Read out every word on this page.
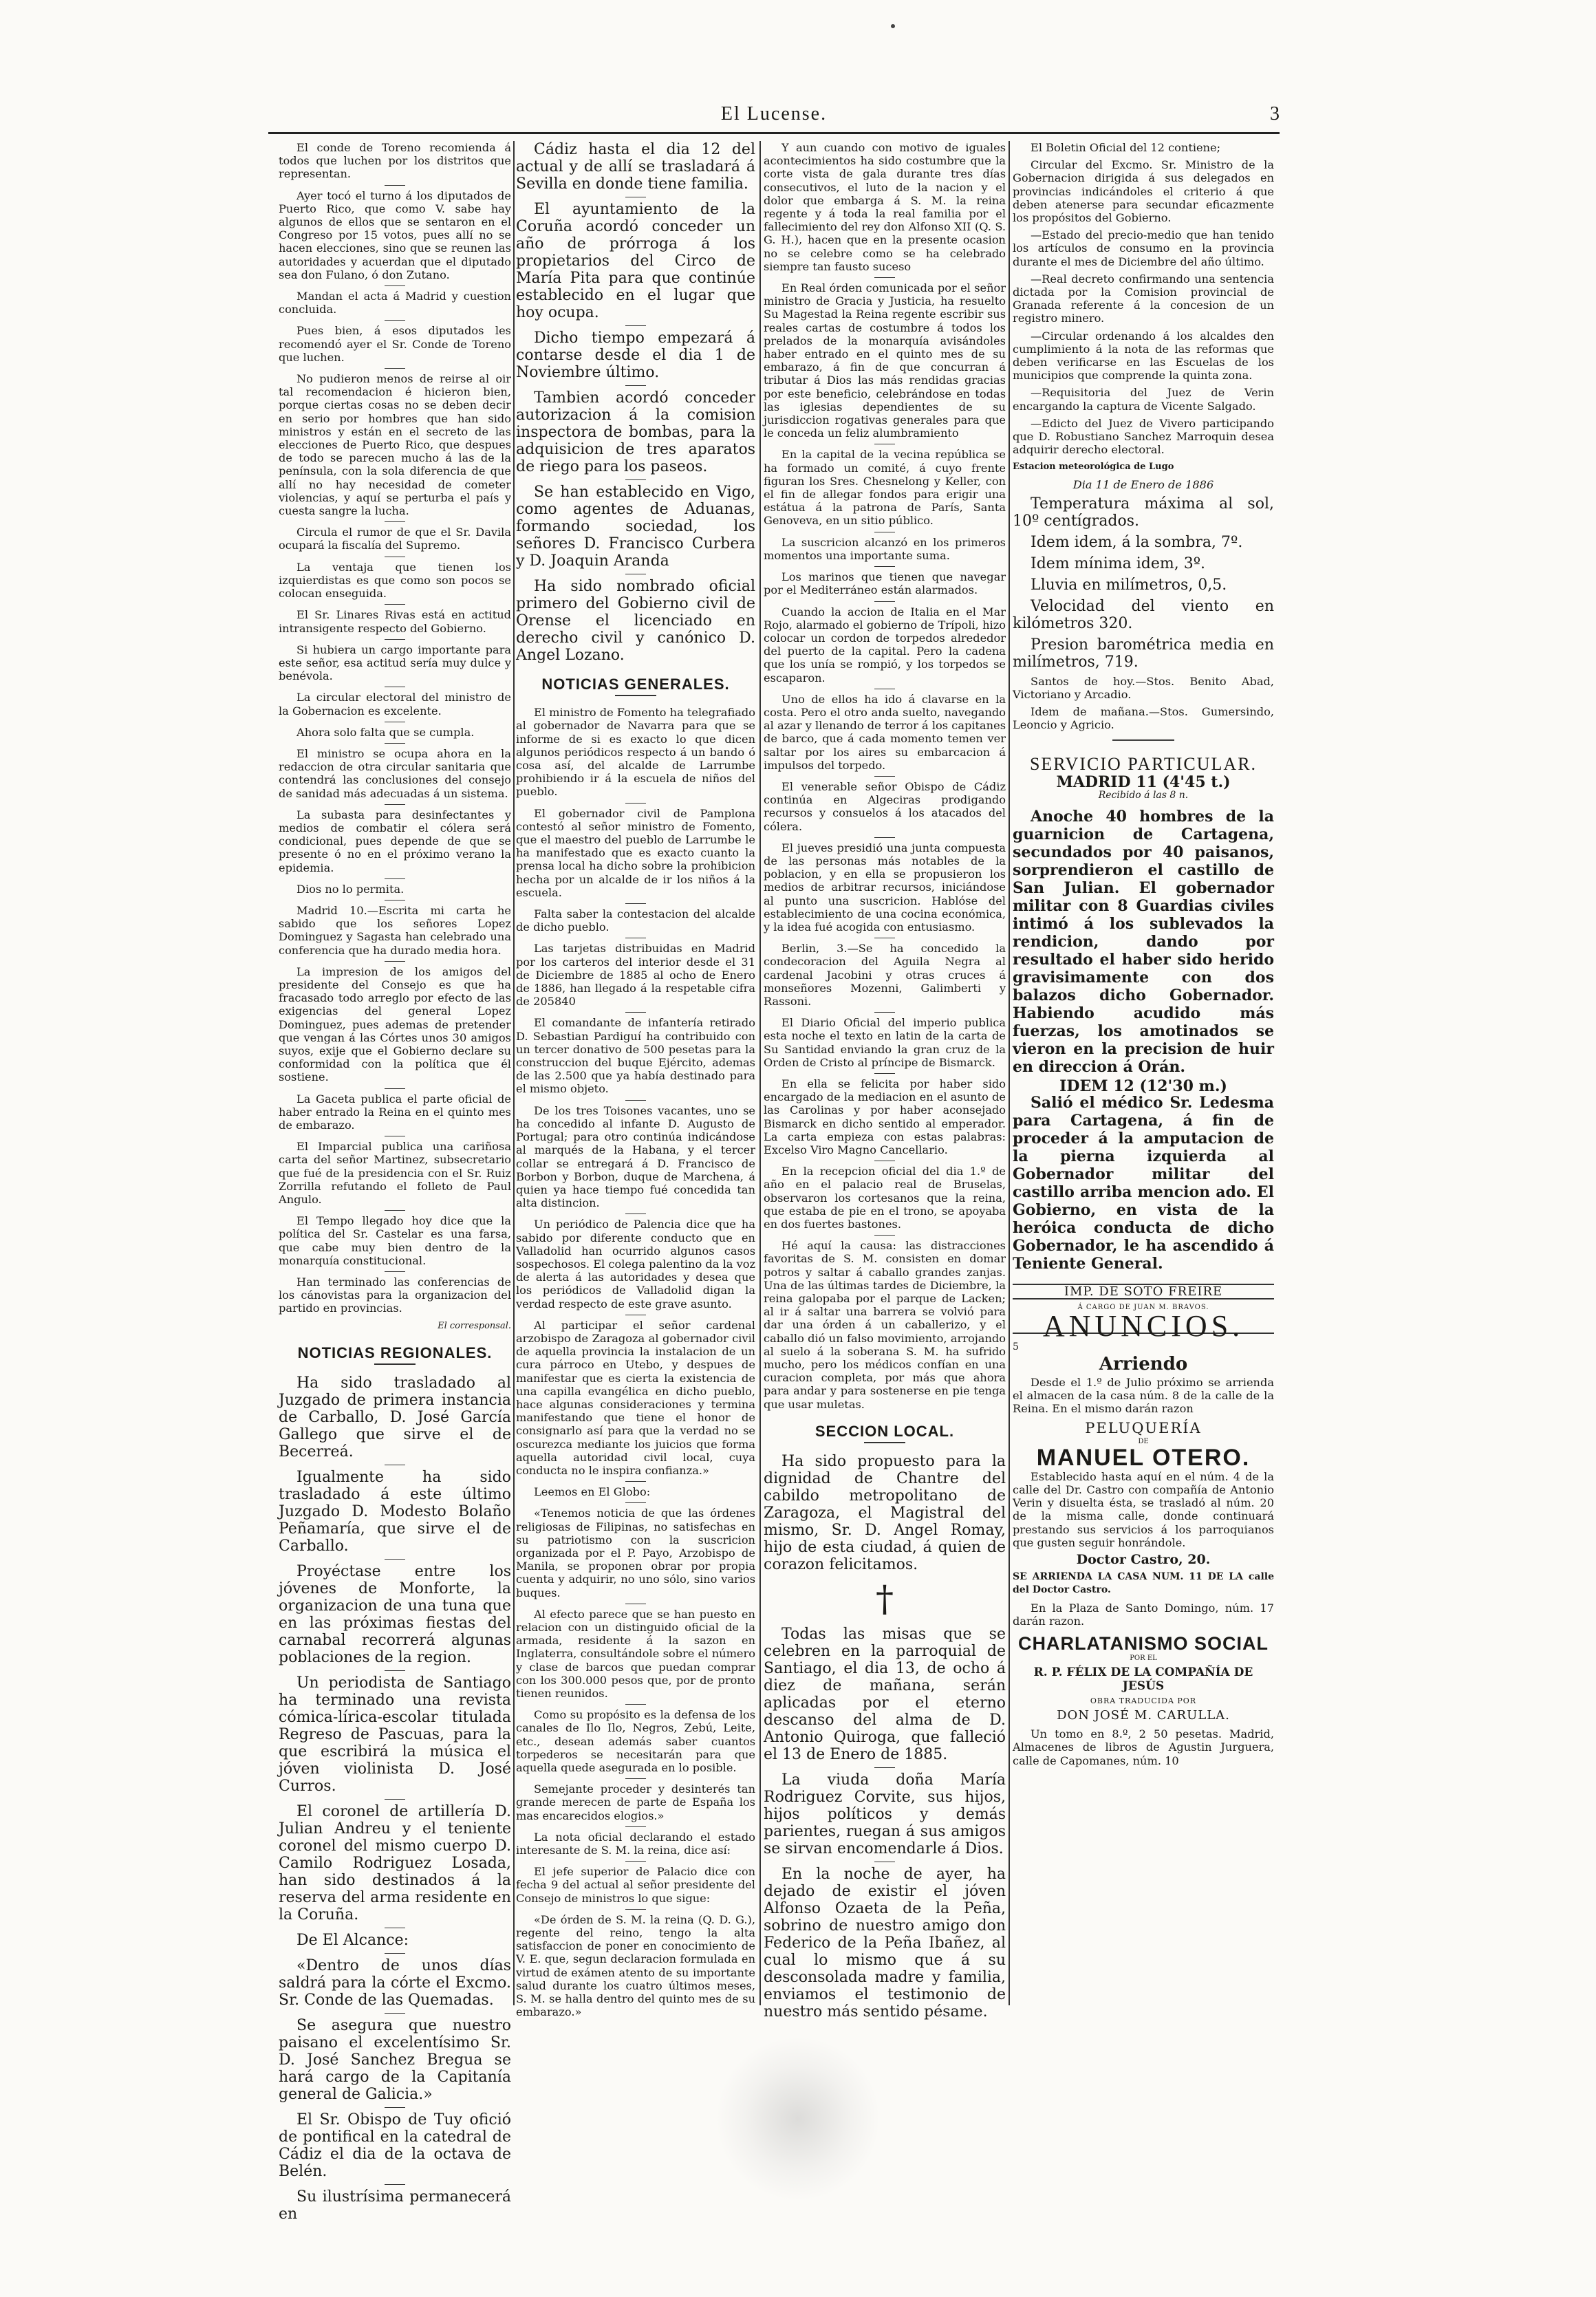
El Lucense.	3

El conde de Toreno recomienda á todos que luchen por los distritos que representan.

Ayer tocó el turno á los diputados de Puerto Rico, que como V. sabe hay algunos de ellos que se sentaron en el Congreso por 15 votos, pues allí no se hacen elecciones, sino que se reunen las autoridades y acuerdan que el diputado sea don Fulano, ó don Zutano.

Mandan el acta á Madrid y cuestion concluida.

Pues bien, á esos diputados les recomendó ayer el Sr. Conde de Toreno que luchen.

No pudieron menos de reirse al oir tal recomendacion é hicieron bien, porque ciertas cosas no se deben decir en serio por hombres que han sido ministros y están en el secreto de las elecciones de Puerto Rico, que despues de todo se parecen mucho á las de la península, con la sola diferencia de que allí no hay necesidad de cometer violencias, y aquí se perturba el país y cuesta sangre la lucha.

Circula el rumor de que el Sr. Davila ocupará la fiscalía del Supremo.

La ventaja que tienen los izquierdistas es que como son pocos se colocan enseguida.

El Sr. Linares Rivas está en actitud intransigente respecto del Gobierno.

Si hubiera un cargo importante para este señor, esa actitud sería muy dulce y benévola.

La circular electoral del ministro de la Gobernacion es excelente.

Ahora solo falta que se cumpla.

El ministro se ocupa ahora en la redaccion de otra circular sanitaria que contendrá las conclusiones del consejo de sanidad más adecuadas á un sistema.

La subasta para desinfectantes y medios de combatir el cólera será condicional, pues depende de que se presente ó no en el próximo verano la epidemia.

Dios no lo permita.

Madrid 10.—Escrita mi carta he sabido que los señores Lopez Dominguez y Sagasta han celebrado una conferencia que ha durado media hora.

La impresion de los amigos del presidente del Consejo es que ha fracasado todo arreglo por efecto de las exigencias del general Lopez Dominguez, pues ademas de pretender que vengan á las Córtes unos 30 amigos suyos, exije que el Gobierno declare su conformidad con la política que él sostiene.

La Gaceta publica el parte oficial de haber entrado la Reina en el quinto mes de embarazo.

El Imparcial publica una cariñosa carta del señor Martinez, subsecretario que fué de la presidencia con el Sr. Ruiz Zorrilla refutando el folleto de Paul Angulo.

El Tempo llegado hoy dice que la política del Sr. Castelar es una farsa, que cabe muy bien dentro de la monarquía constitucional.

Han terminado las conferencias de los cánovistas para la organizacion del partido en provincias.

El corresponsal.

NOTICIAS REGIONALES.

Ha sido trasladado al Juzgado de primera instancia de Carballo, D. José García Gallego que sirve el de Becerreá.

Igualmente ha sido trasladado á este último Juzgado D. Modesto Bolaño Peñamaría, que sirve el de Carballo.

Proyéctase entre los jóvenes de Monforte, la organizacion de una tuna que en las próximas fiestas del carnabal recorrerá algunas poblaciones de la region.

Un periodista de Santiago ha terminado una revista cómica-lírica-escolar titulada Regreso de Pascuas, para la que escribirá la música el jóven violinista D. José Curros.

El coronel de artillería D. Julian Andreu y el teniente coronel del mismo cuerpo D. Camilo Rodriguez Losada, han sido destinados á la reserva del arma residente en la Coruña.

De El Alcance:

«Dentro de unos días saldrá para la córte el Excmo. Sr. Conde de las Quemadas.

Se asegura que nuestro paisano el excelentísimo Sr. D. José Sanchez Bregua se hará cargo de la Capitanía general de Galicia.»

El Sr. Obispo de Tuy ofició de pontifical en la catedral de Cádiz el dia de la octava de Belén.

Su ilustrísima permanecerá en

Cádiz hasta el dia 12 del actual y de allí se trasladará á Sevilla en donde tiene familia.

El ayuntamiento de la Coruña acordó conceder un año de prórroga á los propietarios del Circo de María Pita para que continúe establecido en el lugar que hoy ocupa.

Dicho tiempo empezará á contarse desde el dia 1 de Noviembre último.

Tambien acordó conceder autorizacion á la comision inspectora de bombas, para la adquisicion de tres aparatos de riego para los paseos.

Se han establecido en Vigo, como agentes de Aduanas, formando sociedad, los señores D. Francisco Curbera y D. Joaquin Aranda

Ha sido nombrado oficial primero del Gobierno civil de Orense el licenciado en derecho civil y canónico D. Angel Lozano.

NOTICIAS GENERALES.

El ministro de Fomento ha telegrafiado al gobernador de Navarra para que se informe de si es exacto lo que dicen algunos periódicos respecto á un bando ó cosa así, del alcalde de Larrumbe prohibiendo ir á la escuela de niños del pueblo.

El gobernador civil de Pamplona contestó al señor ministro de Fomento, que el maestro del pueblo de Larrumbe le ha manifestado que es exacto cuanto la prensa local ha dicho sobre la prohibicion hecha por un alcalde de ir los niños á la escuela.

Falta saber la contestacion del alcalde de dicho pueblo.

Las tarjetas distribuidas en Madrid por los carteros del interior desde el 31 de Diciembre de 1885 al ocho de Enero de 1886, han llegado á la respetable cifra de 205840

El comandante de infantería retirado D. Sebastian Pardiguí ha contribuido con un tercer donativo de 500 pesetas para la construccion del buque Ejército, ademas de las 2.500 que ya había destinado para el mismo objeto.

De los tres Toisones vacantes, uno se ha concedido al infante D. Augusto de Portugal; para otro continúa indicándose al marqués de la Habana, y el tercer collar se entregará á D. Francisco de Borbon y Borbon, duque de Marchena, á quien ya hace tiempo fué concedida tan alta distincion.

Un periódico de Palencia dice que ha sabido por diferente conducto que en Valladolid han ocurrido algunos casos sospechosos. El colega palentino da la voz de alerta á las autoridades y desea que los periódicos de Valladolid digan la verdad respecto de este grave asunto.

Al participar el señor cardenal arzobispo de Zaragoza al gobernador civil de aquella provincia la instalacion de un cura párroco en Utebo, y despues de manifestar que es cierta la existencia de una capilla evangélica en dicho pueblo, hace algunas consideraciones y termina manifestando que tiene el honor de consignarlo así para que la verdad no se oscurezca mediante los juicios que forma aquella autoridad civil local, cuya conducta no le inspira confianza.»

Leemos en El Globo:

«Tenemos noticia de que las órdenes religiosas de Filipinas, no satisfechas en su patriotismo con la suscricion organizada por el P. Payo, Arzobispo de Manila, se proponen obrar por propia cuenta y adquirir, no uno sólo, sino varios buques.

Al efecto parece que se han puesto en relacion con un distinguido oficial de la armada, residente á la sazon en Inglaterra, consultándole sobre el número y clase de barcos que puedan comprar con los 300.000 pesos que, por de pronto tienen reunidos.

Como su propósito es la defensa de los canales de Ilo Ilo, Negros, Zebú, Leite, etc., desean además saber cuantos torpederos se necesitarán para que aquella quede asegurada en lo posible.

Semejante proceder y desinterés tan grande merecen de parte de España los mas encarecidos elogios.»

La nota oficial declarando el estado interesante de S. M. la reina, dice así:

El jefe superior de Palacio dice con fecha 9 del actual al señor presidente del Consejo de ministros lo que sigue:

«De órden de S. M. la reina (Q. D. G.), regente del reino, tengo la alta satisfaccion de poner en conocimiento de V. E. que, segun declaracion formulada en virtud de exámen atento de su importante salud durante los cuatro últimos meses, S. M. se halla dentro del quinto mes de su embarazo.»

Y aun cuando con motivo de iguales acontecimientos ha sido costumbre que la corte vista de gala durante tres días consecutivos, el luto de la nacion y el dolor que embarga á S. M. la reina regente y á toda la real familia por el fallecimiento del rey don Alfonso XII (Q. S. G. H.), hacen que en la presente ocasion no se celebre como se ha celebrado siempre tan fausto suceso

En Real órden comunicada por el señor ministro de Gracia y Justicia, ha resuelto Su Magestad la Reina regente escribir sus reales cartas de costumbre á todos los prelados de la monarquía avisándoles haber entrado en el quinto mes de su embarazo, á fin de que concurran á tributar á Dios las más rendidas gracias por este beneficio, celebrándose en todas las iglesias dependientes de su jurisdiccion rogativas generales para que le conceda un feliz alumbramiento

En la capital de la vecina república se ha formado un comité, á cuyo frente figuran los Sres. Chesnelong y Keller, con el fin de allegar fondos para erigir una estátua á la patrona de París, Santa Genoveva, en un sitio público.

La suscricion alcanzó en los primeros momentos una importante suma.

Los marinos que tienen que navegar por el Mediterráneo están alarmados.

Cuando la accion de Italia en el Mar Rojo, alarmado el gobierno de Trípoli, hizo colocar un cordon de torpedos alrededor del puerto de la capital. Pero la cadena que los unía se rompió, y los torpedos se escaparon.

Uno de ellos ha ido á clavarse en la costa. Pero el otro anda suelto, navegando al azar y llenando de terror á los capitanes de barco, que á cada momento temen ver saltar por los aires su embarcacion á impulsos del torpedo.

El venerable señor Obispo de Cádiz continúa en Algeciras prodigando recursos y consuelos á los atacados del cólera.

El jueves presidió una junta compuesta de las personas más notables de la poblacion, y en ella se propusieron los medios de arbitrar recursos, iniciándose al punto una suscricion. Hablóse del establecimiento de una cocina económica, y la idea fué acogida con entusiasmo.

Berlin, 3.—Se ha concedido la condecoracion del Aguila Negra al cardenal Jacobini y otras cruces á monseñores Mozenni, Galimberti y Rassoni.

El Diario Oficial del imperio publica esta noche el texto en latin de la carta de Su Santidad enviando la gran cruz de la Orden de Cristo al príncipe de Bismarck.

En ella se felicita por haber sido encargado de la mediacion en el asunto de las Carolinas y por haber aconsejado Bismarck en dicho sentido al emperador. La carta empieza con estas palabras: Excelso Viro Magno Cancellario.

En la recepcion oficial del dia 1.º de año en el palacio real de Bruselas, observaron los cortesanos que la reina, que estaba de pie en el trono, se apoyaba en dos fuertes bastones.

Hé aquí la causa: las distracciones favoritas de S. M. consisten en domar potros y saltar á caballo grandes zanjas. Una de las últimas tardes de Diciembre, la reina galopaba por el parque de Lacken; al ir á saltar una barrera se volvió para dar una órden á un caballerizo, y el caballo dió un falso movimiento, arrojando al suelo á la soberana S. M. ha sufrido mucho, pero los médicos confían en una curacion completa, por más que ahora para andar y para sostenerse en pie tenga que usar muletas.

SECCION LOCAL.

Ha sido propuesto para la dignidad de Chantre del cabildo metropolitano de Zaragoza, el Magistral del mismo, Sr. D. Angel Romay, hijo de esta ciudad, á quien de corazon felicitamos.

†

Todas las misas que se celebren en la parroquial de Santiago, el dia 13, de ocho á diez de mañana, serán aplicadas por el eterno descanso del alma de D. Antonio Quiroga, que falleció el 13 de Enero de 1885.

La viuda doña María Rodriguez Corvite, sus hijos, hijos políticos y demás parientes, ruegan á sus amigos se sirvan encomendarle á Dios.

En la noche de ayer, ha dejado de existir el jóven Alfonso Ozaeta de la Peña, sobrino de nuestro amigo don Federico de la Peña Ibañez, al cual lo mismo que á su desconsolada madre y familia, enviamos el testimonio de nuestro más sentido pésame.

El Boletin Oficial del 12 contiene;

Circular del Excmo. Sr. Ministro de la Gobernacion dirigida á sus delegados en provincias indicándoles el criterio á que deben atenerse para secundar eficazmente los propósitos del Gobierno.

—Estado del precio-medio que han tenido los artículos de consumo en la provincia durante el mes de Diciembre del año último.

—Real decreto confirmando una sentencia dictada por la Comision provincial de Granada referente á la concesion de un registro minero.

—Circular ordenando á los alcaldes den cumplimiento á la nota de las reformas que deben verificarse en las Escuelas de los municipios que comprende la quinta zona.

—Requisitoria del Juez de Verin encargando la captura de Vicente Salgado.

—Edicto del Juez de Vivero participando que D. Robustiano Sanchez Marroquin desea adquirir derecho electoral.

Estacion meteorológica de Lugo

Dia 11 de Enero de 1886

Temperatura máxima al sol, 10º centígrados.

Idem idem, á la sombra, 7º.

Idem mínima idem, 3º.

Lluvia en milímetros, 0,5.

Velocidad del viento en kilómetros 320.

Presion barométrica media en milímetros, 719.

Santos de hoy.—Stos. Benito Abad, Victoriano y Arcadio.

Idem de mañana.—Stos. Gumersindo, Leoncio y Agricio.

SERVICIO PARTICULAR.
MADRID 11 (4'45 t.)
Recibido á las 8 n.

Anoche 40 hombres de la guarnicion de Cartagena, secundados por 40 paisanos, sorprendieron el castillo de San Julian. El gobernador militar con 8 Guardias civiles intimó á los sublevados la rendicion, dando por resultado el haber sido herido gravisimamente con dos balazos dicho Gobernador. Habiendo acudido más fuerzas, los amotinados se vieron en la precision de huir en direccion á Orán.

IDEM 12 (12'30 m.)

Salió el médico Sr. Ledesma para Cartagena, á fin de proceder á la amputacion de la pierna izquierda al Gobernador militar del castillo arriba mencion ado. El Gobierno, en vista de la heróica conducta de dicho Gobernador, le ha ascendido á Teniente General.

IMP. DE SOTO FREIRE
Á CARGO DE JUAN M. BRAVOS.
ANUNCIOS.
5
Arriendo

Desde el 1.º de Julio próximo se arrienda el almacen de la casa núm. 8 de la calle de la Reina. En el mismo darán razon

PELUQUERÍA
DE
MANUEL OTERO.

Establecido hasta aquí en el núm. 4 de la calle del Dr. Castro con compañía de Antonio Verin y disuelta ésta, se trasladó al núm. 20 de la misma calle, donde continuará prestando sus servicios á los parroquianos que gusten seguir honrándole.

Doctor Castro, 20.

SE ARRIENDA LA CASA NUM. 11 DE LA calle del Doctor Castro.

En la Plaza de Santo Domingo, núm. 17 darán razon.

CHARLATANISMO SOCIAL
POR EL
R. P. FÉLIX DE LA COMPAÑÍA DE JESÚS
OBRA TRADUCIDA POR
DON JOSÉ M. CARULLA.

Un tomo en 8.º, 2 50 pesetas. Madrid, Almacenes de libros de Agustin Jurguera, calle de Capomanes, núm. 10
